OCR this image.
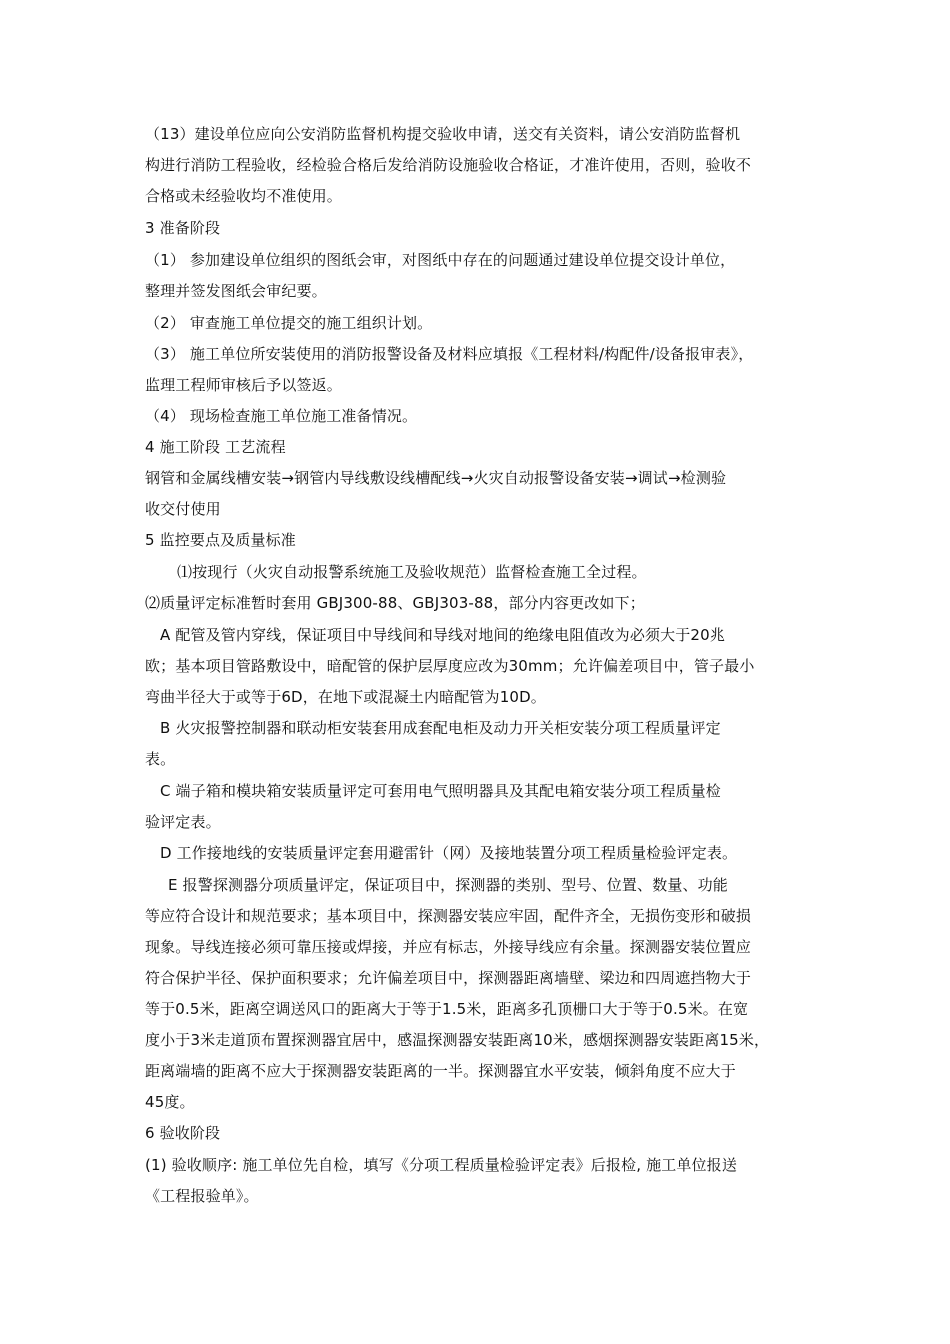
（13）建设单位应向公安消防监督机构提交验收申请，送交有关资料，请公安消防监督机
构进行消防工程验收，经检验合格后发给消防设施验收合格证，才准许使用，否则，验收不
合格或未经验收均不准使用。
3 准备阶段
（1） 参加建设单位组织的图纸会审，对图纸中存在的问题通过建设单位提交设计单位，
整理并签发图纸会审纪要。
（2） 审查施工单位提交的施工组织计划。
（3） 施工单位所安装使用的消防报警设备及材料应填报《工程材料/构配件/设备报审表》，
监理工程师审核后予以签返。
（4） 现场检查施工单位施工准备情况。
4 施工阶段 工艺流程
钢管和金属线槽安装→钢管内导线敷设线槽配线→火灾自动报警设备安装→调试→检测验
收交付使用
5 监控要点及质量标准
⑴按现行（火灾自动报警系统施工及验收规范）监督检查施工全过程。
⑵质量评定标准暂时套用 GBJ300-88、GBJ303-88，部分内容更改如下；
A 配管及管内穿线，保证项目中导线间和导线对地间的绝缘电阻值改为必须大于20兆
欧；基本项目管路敷设中，暗配管的保护层厚度应改为30mm；允许偏差项目中，管子最小
弯曲半径大于或等于6D，在地下或混凝土内暗配管为10D。
B 火灾报警控制器和联动柜安装套用成套配电柜及动力开关柜安装分项工程质量评定
表。
C 端子箱和模块箱安装质量评定可套用电气照明器具及其配电箱安装分项工程质量检
验评定表。
D 工作接地线的安装质量评定套用避雷针（网）及接地装置分项工程质量检验评定表。
E 报警探测器分项质量评定，保证项目中，探测器的类别、型号、位置、数量、功能
等应符合设计和规范要求；基本项目中，探测器安装应牢固，配件齐全，无损伤变形和破损
现象。导线连接必须可靠压接或焊接，并应有标志，外接导线应有余量。探测器安装位置应
符合保护半径、保护面积要求；允许偏差项目中，探测器距离墙壁、梁边和四周遮挡物大于
等于0.5米，距离空调送风口的距离大于等于1.5米，距离多孔顶栅口大于等于0.5米。在宽
度小于3米走道顶布置探测器宜居中，感温探测器安装距离10米，感烟探测器安装距离15米，
距离端墙的距离不应大于探测器安装距离的一半。探测器宜水平安装，倾斜角度不应大于
45度。
6 验收阶段
(1) 验收顺序: 施工单位先自检，填写《分项工程质量检验评定表》后报检, 施工单位报送
《工程报验单》。
